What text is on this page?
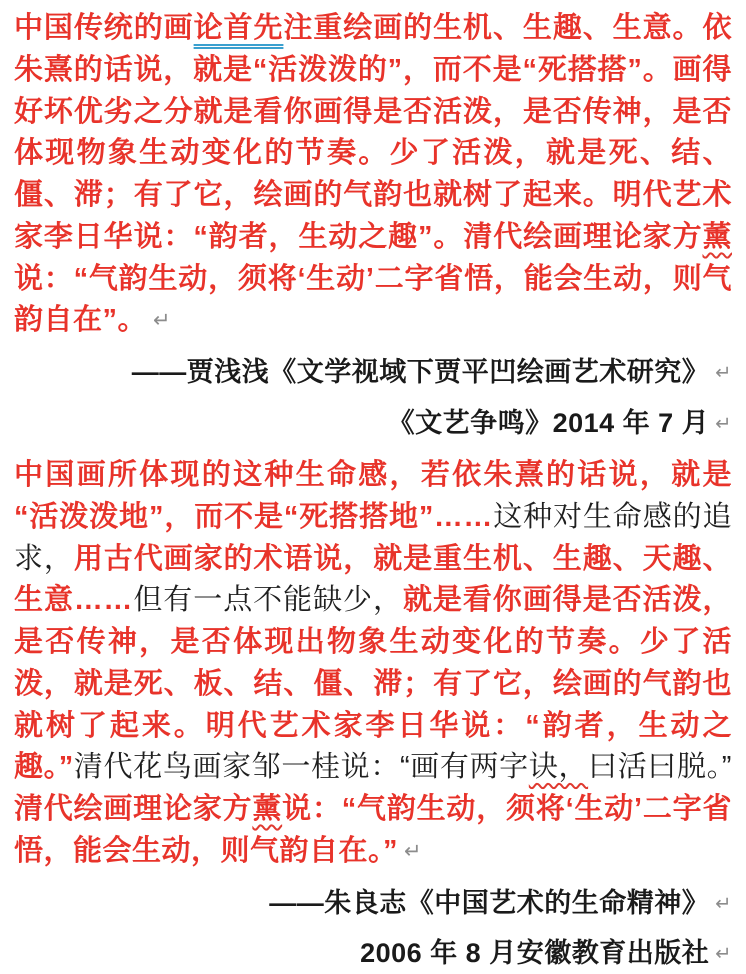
中国传统的画论首先注重绘画的生机、生趣、生意。依朱熹的话说，就是“活泼泼的”，而不是“死搭搭”。画得好坏优劣之分就是看你画得是否活泼，是否传神，是否体现物象生动变化的节奏。少了活泼，就是死、结、僵、滞；有了它，绘画的气韵也就树了起来。明代艺术家李日华说：“韵者，生动之趣”。清代绘画理论家方薰说：“气韵生动，须将‘生动’二字省悟，能会生动，则气韵自在”。 ↵

——贾浅浅《文学视域下贾平凹绘画艺术研究》 ↵

《文艺争鸣》2014 年 7 月 ↵

中国画所体现的这种生命感，若依朱熹的话说，就是“活泼泼地”，而不是“死搭搭地”……这种对生命感的追求，用古代画家的术语说，就是重生机、生趣、天趣、生意……但有一点不能缺少，就是看你画得是否活泼，是否传神，是否体现出物象生动变化的节奏。少了活泼，就是死、板、结、僵、滞；有了它，绘画的气韵也就树了起来。明代艺术家李日华说：“韵者，生动之趣。”清代花鸟画家邹一桂说：“画有两字诀，曰活曰脱。”清代绘画理论家方薰说：“气韵生动，须将‘生动’二字省悟，能会生动，则气韵自在。” ↵

——朱良志《中国艺术的生命精神》 ↵

2006 年 8 月安徽教育出版社 ↵
